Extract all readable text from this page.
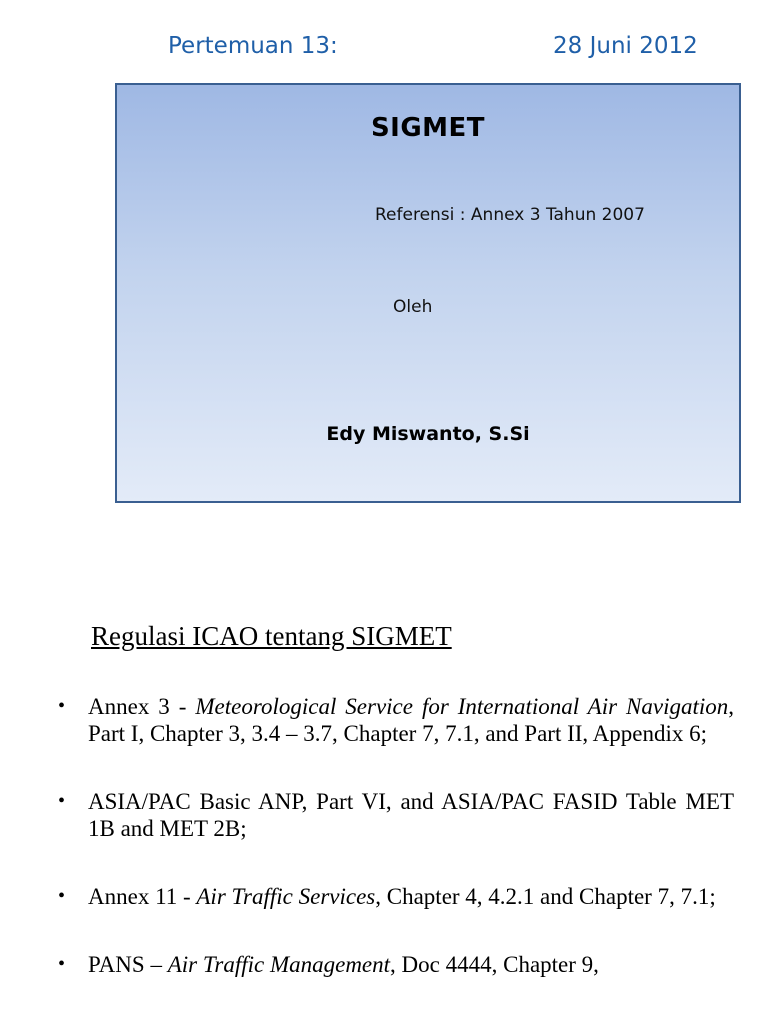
Pertemuan 13:	28 Juni 2012
SIGMET
Referensi : Annex 3 Tahun 2007
Oleh
Edy Miswanto, S.Si
Regulasi ICAO tentang SIGMET
• Annex 3 - Meteorological Service for International Air Navigation, Part I, Chapter 3, 3.4 – 3.7, Chapter 7, 7.1, and Part II, Appendix 6;
• ASIA/PAC Basic ANP, Part VI, and ASIA/PAC FASID Table MET 1B and MET 2B;
• Annex 11 - Air Traffic Services, Chapter 4, 4.2.1 and Chapter 7, 7.1;
• PANS – Air Traffic Management, Doc 4444, Chapter 9,
